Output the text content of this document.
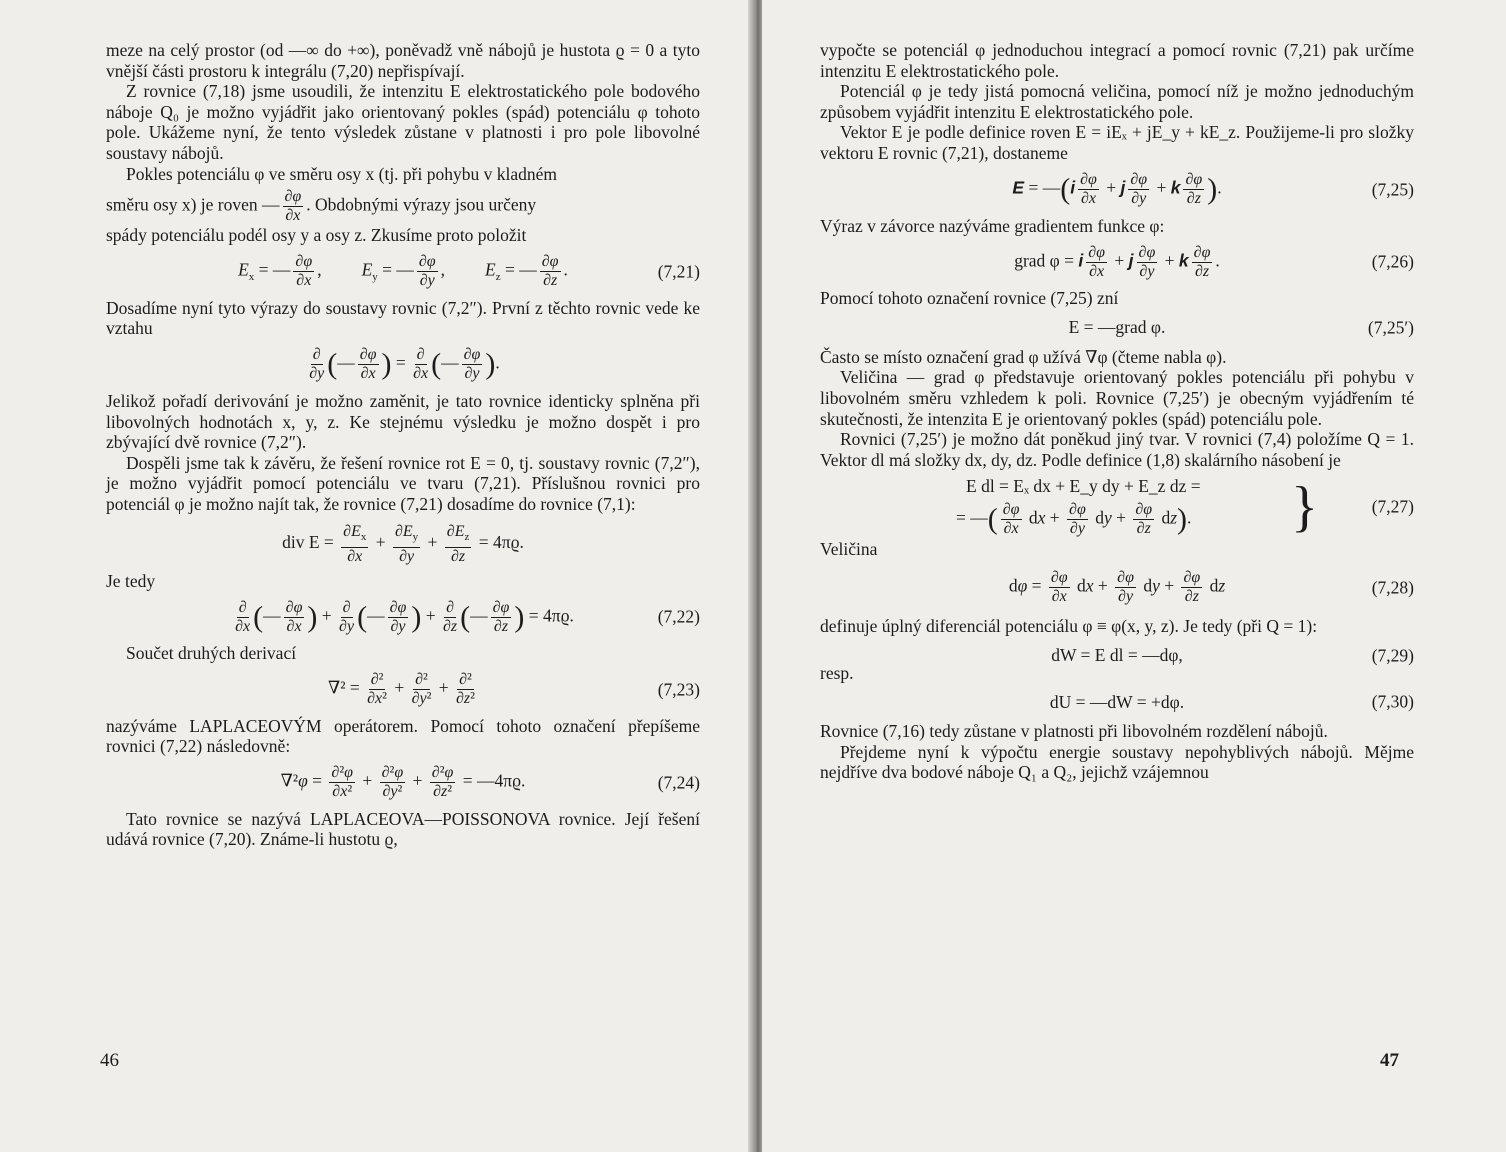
meze na celý prostor (od —∞ do +∞), poněvadž vně nábojů je hustota ϱ = 0 a tyto vnější části prostoru k integrálu (7,20) nepřispívají.

Z rovnice (7,18) jsme usoudili, že intenzitu E elektrostatického pole bodového náboje Q₀ je možno vyjádřit jako orientovaný pokles (spád) potenciálu φ tohoto pole. Ukážeme nyní, že tento výsledek zůstane v platnosti i pro pole libovolné soustavy nábojů.

Pokles potenciálu φ ve směru osy x (tj. při pohybu v kladném

směru osy x) je roven — $\frac{\partial\varphi}{\partial x}$ . Obdobnými výrazy jsou určeny

spády potenciálu podél osy y a osy z. Zkusíme proto položit

$E_x$ = — $\frac{\partial\varphi}{\partial x}$ , $E_y$ = — $\frac{\partial\varphi}{\partial y}$ , $E_z$ = — $\frac{\partial\varphi}{\partial z}$ .	(7,21)

Dosadíme nyní tyto výrazy do soustavy rovnic (7,2″). První z těchto rovnic vede ke vztahu

$\frac{\partial}{\partial y}$ (— $\frac{\partial\varphi}{\partial x}$ ) = $\frac{\partial}{\partial x}$ (— $\frac{\partial\varphi}{\partial y}$ ).

Jelikož pořadí derivování je možno zaměnit, je tato rovnice identicky splněna při libovolných hodnotách x, y, z. Ke stejnému výsledku je možno dospět i pro zbývající dvě rovnice (7,2″).

Dospěli jsme tak k závěru, že řešení rovnice rot E = 0, tj. soustavy rovnic (7,2″), je možno vyjádřit pomocí potenciálu ve tvaru (7,21). Příslušnou rovnici pro potenciál φ je možno najít tak, že rovnice (7,21) dosadíme do rovnice (7,1):

div $E = \frac{\partial E_x}{\partial x} + \frac{\partial E_y}{\partial y} + \frac{\partial E_z}{\partial z} = 4\pi ϱ$.

Je tedy

$\frac{\partial}{\partial x}$ (— $\frac{\partial\varphi}{\partial x}$ ) + $\frac{\partial}{\partial y}$ (— $\frac{\partial\varphi}{\partial y}$ ) + $\frac{\partial}{\partial z}$ (— $\frac{\partial\varphi}{\partial z}$ ) = 4πϱ.	(7,22)

Součet druhých derivací

$\nabla^2 = \frac{\text{∂²}}{\text{∂x²}} + \frac{\text{∂²}}{\text{∂y²}} + \frac{\text{∂²}}{\text{∂z²}}$	(7,23)

nazýváme LAPLACEOVÝM operátorem. Pomocí tohoto označení přepíšeme rovnici (7,22) následovně:

$\nabla^2\varphi = \frac{\text{∂²φ}}{\text{∂x²}} + \frac{\text{∂²φ}}{\text{∂y²}} + \frac{\text{∂²φ}}{\text{∂z²}}$ = —4πϱ.	(7,24)

Tato rovnice se nazývá LAPLACEOVA—POISSONOVA rovnice. Její řešení udává rovnice (7,20). Známe-li hustotu ϱ,

46

vypočte se potenciál φ jednoduchou integrací a pomocí rovnic (7,21) pak určíme intenzitu E elektrostatického pole.

Potenciál φ je tedy jistá pomocná veličina, pomocí níž je možno jednoduchým způsobem vyjádřit intenzitu E elektrostatického pole.

Vektor E je podle definice roven E = iEₓ + jE_y + kE_z. Použijeme-li pro složky vektoru E rovnic (7,21), dostaneme

E = —(i $\frac{\partial\varphi}{\partial x} + j \frac{\partial\varphi}{\partial y} + k \frac{\partial\varphi}{\partial z}$ ).	(7,25)

Výraz v závorce nazýváme gradientem funkce φ:

grad φ = i $\frac{\partial\varphi}{\partial x} + j \frac{\partial\varphi}{\partial y} + k \frac{\partial\varphi}{\partial z}$ .	(7,26)

Pomocí tohoto označení rovnice (7,25) zní

E = —grad φ.	(7,25′)

Často se místo označení grad φ užívá ∇φ (čteme nabla φ).

Veličina — grad φ představuje orientovaný pokles potenciálu při pohybu v libovolném směru vzhledem k poli. Rovnice (7,25′) je obecným vyjádřením té skutečnosti, že intenzita E je orientovaný pokles (spád) potenciálu pole.

Rovnici (7,25′) je možno dát poněkud jiný tvar. V rovnici (7,4) položíme Q = 1. Vektor dl má složky dx, dy, dz. Podle definice (1,8) skalárního násobení je

E dl = Eₓ dx + E_y dy + E_z dz =
= —( $\frac{\partial\varphi}{\partial x}$ dx + $\frac{\partial\varphi}{\partial y}$ dy + $\frac{\partial\varphi}{\partial z} dz$).	}	(7,27)
Veličina
$d\varphi = \frac{\partial\varphi}{\partial x}$ dx + $\frac{\partial\varphi}{\partial y}$ dy + $\frac{\partial\varphi}{\partial z}$ dz	(7,28)

definuje úplný diferenciál potenciálu φ ≡ φ(x, y, z). Je tedy (při Q = 1):

dW = E dl = —dφ,	(7,29)

resp.

dU = —dW = +dφ.	(7,30)

Rovnice (7,16) tedy zůstane v platnosti při libovolném rozdělení nábojů.

Přejdeme nyní k výpočtu energie soustavy nepohyblivých nábojů. Mějme nejdříve dva bodové náboje Q₁ a Q₂, jejichž vzájemnou

47
